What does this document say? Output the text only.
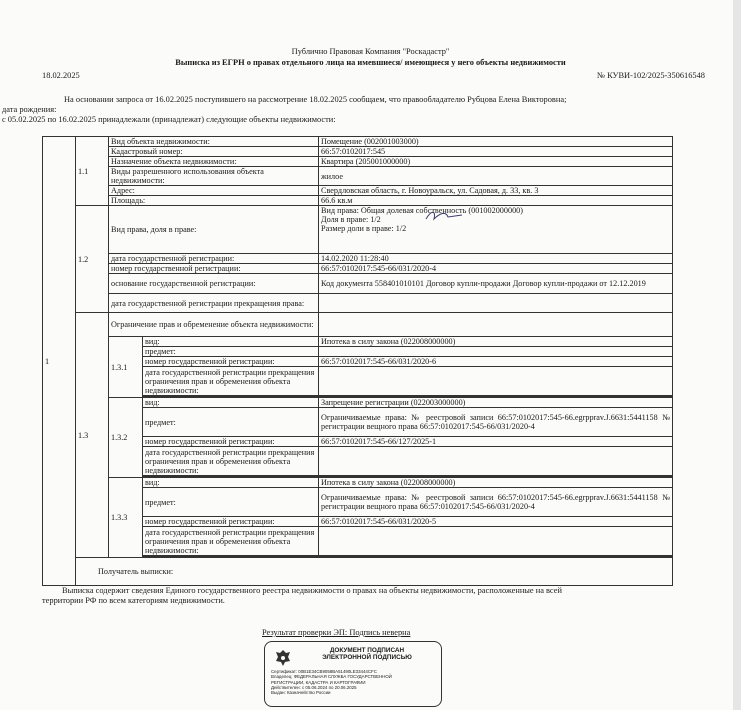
Публично Правовая Компания "Роскадастр"
Выписка из ЕГРН о правах отдельного лица на имевшиеся/ имеющиеся у него объекты недвижимости
18.02.2025	№ КУВИ-102/2025-350616548
На основании запроса от 16.02.2025 поступившего на рассмотрение 18.02.2025 сообщаем, что правообладателю Рубцова Елена Викторовна;
дата рождения:
с 05.02.2025 по 16.02.2025 принадлежали (принадлежат) следующие объекты недвижимости:
1	1.1	Вид объекта недвижимости:		Помещение (002001003000)	
		Кадастровый номер:		66:57:0102017:545	
		Назначение объекта недвижимости:		Квартира (205001000000)	
		Виды разрешенного использования объекта недвижимости:		жилое	
		Адрес:		Свердловская область, г. Новоуральск, ул. Садовая, д. 33, кв. 3	
		Площадь:		66.6 кв.м	
	1.2	Вид права, доля в праве:		Вид права: Общая долевая собственность (001002000000)
Доля в праве: 1/2
Размер доли в праве: 1/2	

		дата государственной регистрации:		14.02.2020 11:28:40	
		номер государственной регистрации:		66:57:0102017:545-66/031/2020-4	
		основание государственной регистрации:		Код документа 558401010101 Договор купли-продажи Договор купли-продажи от 12.12.2019	
		дата государственной регистрации прекращения права:			
	1.3	Ограничение прав и обременение объекта недвижимости:			
		1.3.1	вид:	Ипотека в силу закона (022008000000)	
			предмет:		
			номер государственной регистрации:	66:57:0102017:545-66/031/2020-6	
			дата государственной регистрации прекращения ограничения прав и обременения объекта недвижимости:		

		1.3.2	вид:	Запрещение регистрации (022003000000)	
			предмет:	Ограничиваемые права: № реестровой записи 66:57:0102017:545-66.egrpprav.J.6631:5441158 № регистрации вещного права 66:57:0102017:545-66/031/2020-4	
			номер государственной регистрации:	66:57:0102017:545-66/127/2025-1	
			дата государственной регистрации прекращения ограничения прав и обременения объекта недвижимости:		

		1.3.3	вид:	Ипотека в силу закона (022008000000)	
			предмет:	Ограничиваемые права: № реестровой записи 66:57:0102017:545-66.egrpprav.J.6631:5441158 № регистрации вещного права 66:57:0102017:545-66/031/2020-4	
			номер государственной регистрации:	66:57:0102017:545-66/031/2020-5	
			дата государственной регистрации прекращения ограничения прав и обременения объекта недвижимости:		

	Получатель выписки:	
Выписка содержит сведения Единого государственного реестра недвижимости о правах на объекты недвижимости, расположенные на всей
территории РФ по всем категориям недвижимости.
Результат проверки ЭП: Подпись неверна
ДОКУМЕНТ ПОДПИСАН
ЭЛЕКТРОННОЙ ПОДПИСЬЮ
Сертификат: 00B1E34CB9058BA51490LE33444CFC
Владелец: ФЕДЕРАЛЬНАЯ СЛУЖБА ГОСУДАРСТВЕННОЙ
РЕГИСТРАЦИИ, КАДАСТРА И КАРТОГРАФИИ
Действителен: с 05.06.2024 по 20.06.2025
Выдан: Казначейство России
